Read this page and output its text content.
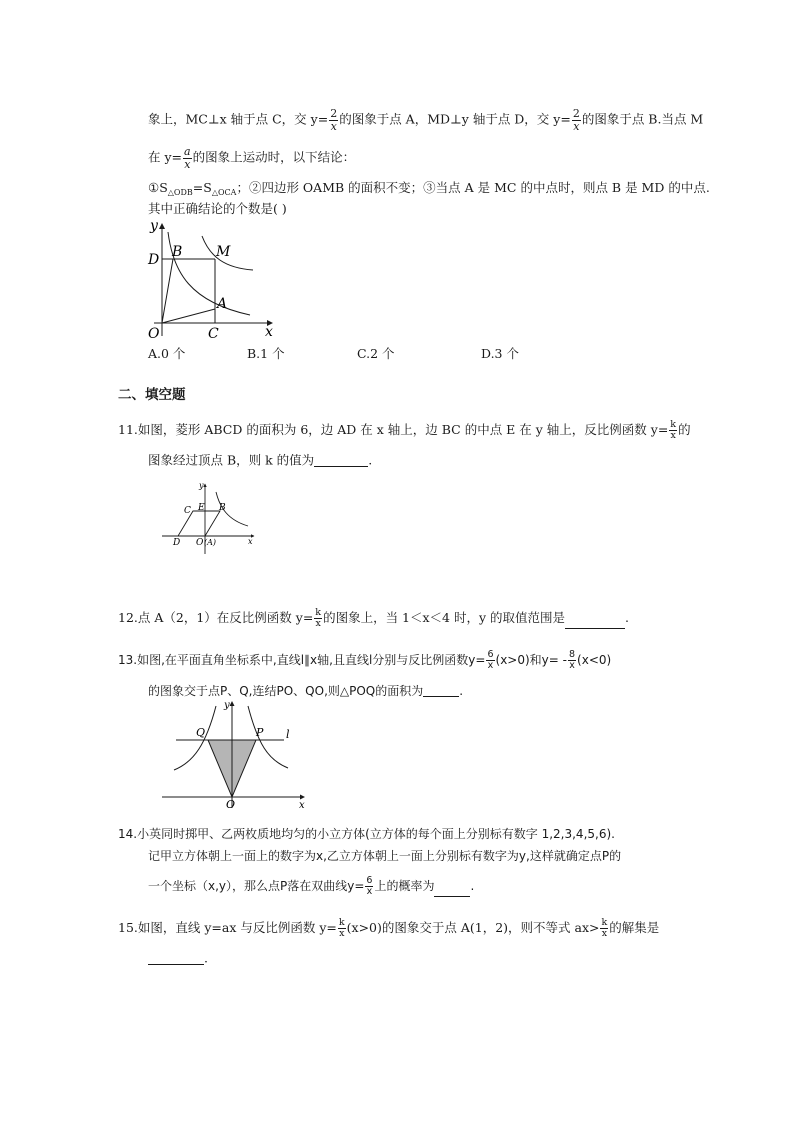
象上，MC⊥x 轴于点 C，交 $y= \frac{2}{x}$ 的图象于点 A，MD⊥y 轴于点 D，交 $y= \frac{2}{x}$ 的图象于点 B.当点 M
在 $y= \frac{a}{x}$ 的图象上运动时，以下结论：
$①S_{\triangle ODB}=S_{\triangle OCA}$；②四边形 OAMB 的面积不变；③当点 A 是 MC 的中点时，则点 B 是 MD 的中点.
其中正确结论的个数是( )
y
D B M
A
O	C	x
A.0 个	B.1 个	C.2 个	D.3 个
二、填空题
11.如图，菱形 ABCD 的面积为 6，边 AD 在 x 轴上，边 BC 的中点 E 在 y 轴上，反比例函数 $y= \frac{k}{x}$ 的
图象经过顶点 B，则 k 的值为	.
y
C E B
D O (A)	x
12.点 A（2，1）在反比例函数 $y= \frac{k}{x}$ 的图象上，当 1＜x＜4 时，y 的取值范围是	.
13.如图,在平面直角坐标系中,直线l∥x轴,且直线l分别与反比例函数$y= \frac{6}{x} (x>0)$和$y= - \frac{8}{x} (x<0)$
的图象交于点P、Q,连结PO、QO,则△POQ的面积为	.
y
Q	P l
O	x
14.小英同时掷甲、乙两枚质地均匀的小立方体(立方体的每个面上分别标有数字 1,2,3,4,5,6).
记甲立方体朝上一面上的数字为x,乙立方体朝上一面上分别标有数字为y,这样就确定点P的
一个坐标（x,y），那么点P落在双曲线$y= \frac{6}{x}$ 上的概率为	.
15.如图，直线 y=ax 与反比例函数 $y= \frac{k}{x} (x>0)$的图象交于点 A(1，2)，则不等式 $ax> \frac{k}{x}$ 的解集是
.
